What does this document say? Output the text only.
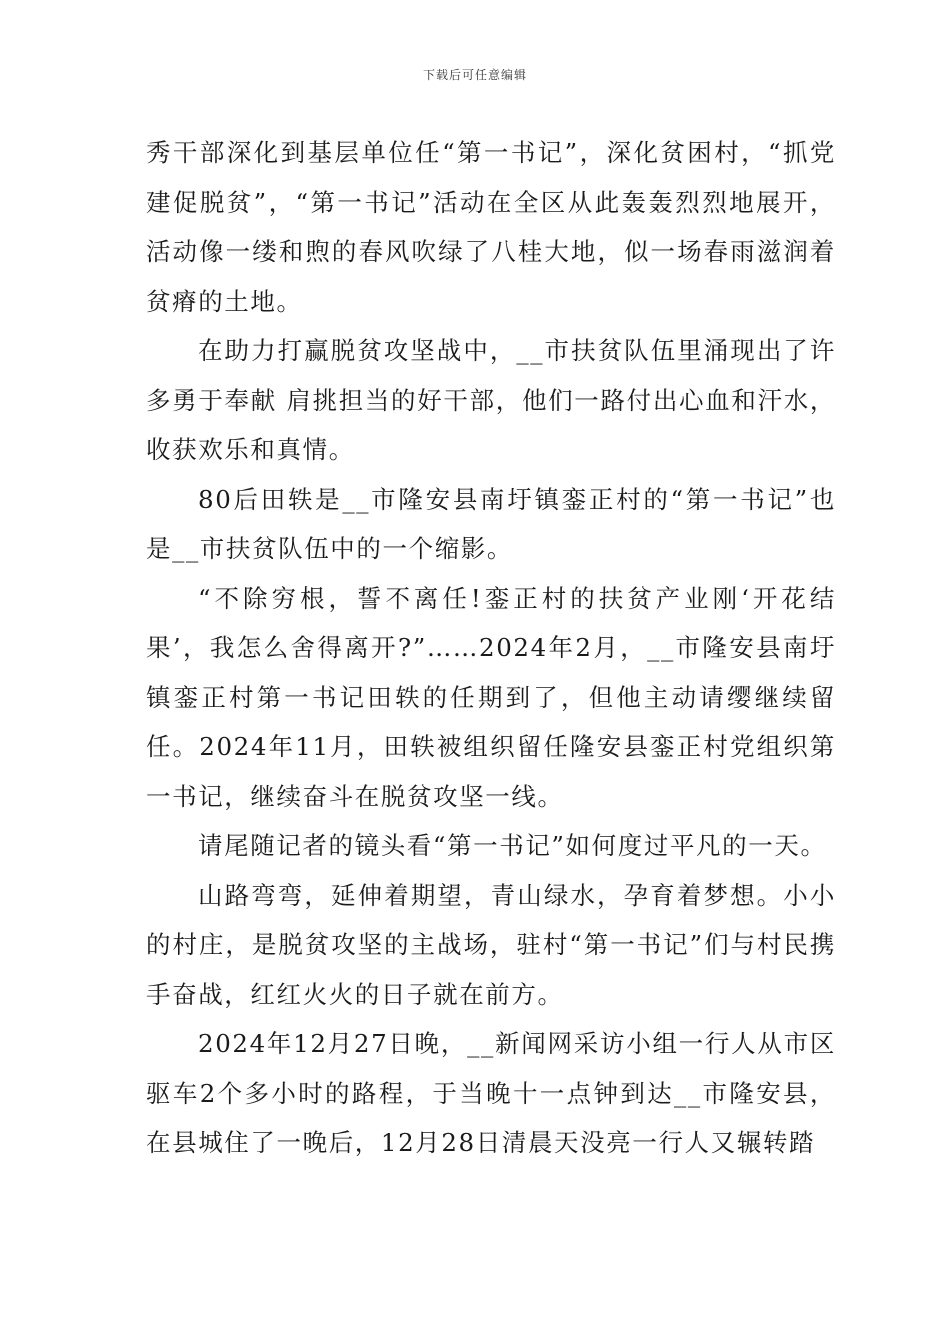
下载后可任意编辑

秀干部深化到基层单位任“第一书记”，深化贫困村，“抓党建促脱贫”，“第一书记”活动在全区从此轰轰烈烈地展开，活动像一缕和煦的春风吹绿了八桂大地，似一场春雨滋润着贫瘠的土地。

在助力打赢脱贫攻坚战中，__市扶贫队伍里涌现出了许多勇于奉献 肩挑担当的好干部，他们一路付出心血和汗水，收获欢乐和真情。

80后田轶是__市隆安县南圩镇銮正村的“第一书记”也是__市扶贫队伍中的一个缩影。

“不除穷根，誓不离任!銮正村的扶贫产业刚‘开花结果’，我怎么舍得离开?”……2024年2月，__市隆安县南圩镇銮正村第一书记田轶的任期到了，但他主动请缨继续留任。2024年11月，田轶被组织留任隆安县銮正村党组织第一书记，继续奋斗在脱贫攻坚一线。

请尾随记者的镜头看“第一书记”如何度过平凡的一天。

山路弯弯，延伸着期望，青山绿水，孕育着梦想。小小的村庄，是脱贫攻坚的主战场，驻村“第一书记”们与村民携手奋战，红红火火的日子就在前方。

2024年12月27日晚，__新闻网采访小组一行人从市区驱车2个多小时的路程，于当晚十一点钟到达__市隆安县，在县城住了一晚后，12月28日清晨天没亮一行人又辗转踏
